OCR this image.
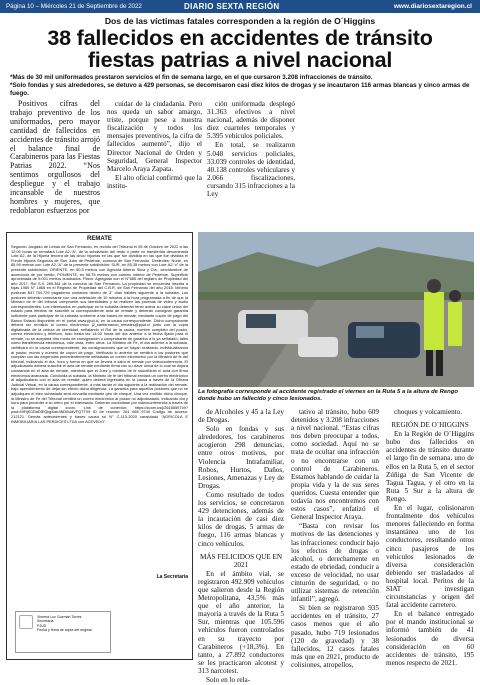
Página 10 – Miércoles 21 de Septiembre de 2022	DIARIO SEXTA REGIÓN	www.diariosextaregion.cl
Dos de las víctimas fatales corresponden a la región de O´Higgins
38 fallecidos en accidentes de tránsito
fiestas patrias a nivel nacional
*Más de 30 mil uniformados prestaron servicios el fin de semana largo, en el que cursaron 3.208 infracciones de tránsito.
*Solo fondas y sus alrededores, se detuvo a 429 personas, se decomisaron casi diez kilos de drogas y se incautaron 116 armas blancas y cinco armas de fuego.

Positivos cifras del trabajo preventivo de los uniformados, pero mayor cantidad de fallecidos en accidentes de tránsito arrojó el balance final de Carabineros para las Fiestas Patrias 2022. “Nos sentimos orgullosos del despliegue y el trabajo incansable de nuestros hombres y mujeres, que redoblaron esfuerzos por

cuidar de la ciudadanía. Pero nos queda un sabor amargo, triste, porque pese a nuestra fiscalización y todos los mensajes preventivos, la cifra de fallecidos aumentó”, dijo el Director Nacional de Orden y Seguridad, General Inspector Marcelo Araya Zapata.

El alto oficial confirmó que la institu-

ción uniformada desplegó 31.363 efectivos a nivel nacional, además de disponer diez cuarteles temporales y 5.395 vehículos policiales.

En total, se realizaron 5.048 servicios policiales, 33.039 controles de identidad, 40.138 controles vehiculares y 2.066 fiscalizaciones, cursando 315 infracciones a la Ley

REMATE
Segundo Juzgado de Letras de San Fernando, en recinto del Tribunal el 05 de Octubre de 2022 a las 12:00 horas se rematará Lote A2-“A”, de la subdivisión del resto o parte no transferida denominada Lote A2, de la Hijuela tercera de las cinco hijuelas en las que fue dividida en las que fue dividida el Fundo Hijuela Segunda de San Juan de Pedehue, comuna de San Fernando. Deslindes: Norte, en 85,99 metros con Lote A2-“A” de la presente subdivisión; SUR, en 85,35 metros con Lote A2-“c” de la presente subdivisión; ORIENTE, en 60,5 metros con Agrícola Alberto Silva y Cía., servidumbre de acueducto de por medio; PONIENTE, en 56,75 metros con camino interior de Pedehue. Superficie aproximada de 5.001 metros cuadrados. Plano: Agregado con el N°885 del registro de Propiedad del año 2017. Rol S.II. 289-361 de la comuna de San Fernando. La propiedad se encuentra inscrita a fojas 1985 N° 1865 en el Registro de Propiedad del C.B.R. de San Fernando del año 2018. Mínimo posturas $47.754.729 pagaderos contados dentro de 3° días hábiles siguiente a la subasta. Los postores deberán conectarse con una antelación de 10 minutos a la hora programada a fin de que la Ministro de fe del tribunal compruebe sus identidades y se realicen las pruebas de video y audio correspondientes. Los interesados en participar en la subasta deberán tener activa su clave única del estado para efectos de suscribir la correspondiente acta de remate y deberán consignar garantía suficiente para participar de la subasta conforme a las bases de remate, mediante cupón de pago del Banco Estado disponible en el portal www.pjud.cl, en la causa correspondiente. Dicho comprobante deberá ser remitido al correo electrónico j2_sanfernando_remates@pjud.cl junto con la copia digitalizada de la cédula de identidad, señalando el Rol de la causa, nombre completo del postor, correo electrónico y teléfono, todo hasta las 14:00 horas del día anterior a la fecha fijada para el remate, no se aceptará otro modo de consignación o comprobante de garantía a lo ya señalado, tales como transferencia electrónica, vale vista, entre otros. La Ministro de Fe, el día anterior a la subasta, certificará en la causa correspondiente, las consignaciones que se hayan realizado, individualizando al postor, monto y número de cupón de pago. Verificado lo anterior se remitirá a los postores que cumplan con las exigencias precedentemente señaladas un correo electrónico por la Ministro de fe del tribunal, indicando el día, hora y forma en que se llevará a cabo el remate por videoconferencia. El adjudicatario deberá suscribir el acta de remate mediante firma con su clave única de lo cual se dejará constancia en el acta de remate, mientras que el Juez y ministro de fe suscribirán el acta con firma electrónica avanzada. Concluida la subasta, la Ministro de fe del tribunal enviará un correo electrónico al adjudicatario con el acta de remate, quien deberá ingresarla en la causa a través de la Oficina Judicial Virtual, en la causa correspondiente, a más tardar el día siguiente a la realización del remate, bajo apercibimiento de dejar sin efecto dicha diligencia. La garantía para aquellos postores que no se adjudiquen el bien subastado será devuelta mediante giro de cheque. Una vez emitido dicho cheque, la Ministro de Fe del Tribunal remitirá un correo electrónico al postor no adjudicatario, indicando día y hora para proceder a su retiro por el interesado. Deberán conectarse por videoconferencia a través de la plataforma digital zoom, Link de conexión: https://zoom.us/j/2616659749? pwd=MFljK0ZlaDlEQkg4alc3NDB4dVFQTT09 ID de reunión: 261 665 9749 Código de acceso: 212121. Demás antecedentes y bases causa rol N° C-113-2020 caratulado “AGRICOLA E INMOBILIARIA LAS PERDICES LTDA con ACEVEDO”.
La Secretaria
Ximena Luz Guzmán Torres
Secretaria
PJUD
Fecha y firma de copia del original
La fotografía corresponde al accidente registrado el viernes en la Ruta 5 a la altura de Rengo donde hubo un fallecido y cinco lesionados.

de Alcoholes y 45 a la Ley de Drogas.

Solo en fondas y sus alrededores, los carabineros acogieron 298 denuncias, entre otros motivos, por Violencia Intrafamiliar, Robos, Hurtos, Daños, Lesiones, Amenazas y Ley de Drogas.

Como resultado de todos los servicios, se concretaron 429 detenciones, además de la incautación de casi diez kilos de drogas, 5 armas de fuego, 116 armas blancas y cinco vehículos.

MÁS FELICIDOS QUE EN 2021

En el ámbito vial, se registraron 492.909 vehículos que salieron desde la Región Metropolitana, 43,5% más que el año anterior, la mayoría a través de la Ruta 5 Sur, mientras que 105.596 vehículos fueron controlados en su trayecto por Carabineros (+18,3%). En tanto, a 27.892 conductores se les practicaron alcotest y 313 narcotest.

Solo en lo rela-

tativo al tránsito, hubo 609 detenidos y 3.208 infracciones a nivel nacional. “Estas cifras nos deben preocupar a todos, como sociedad. Aquí no se trata de ocultar una infracción o no encontrarse con un control de Carabineros. Estamos hablando de cuidar la propia vida y la de sus seres queridos. Cuesta entender que todavía nos encontremos con estos casos”, enfatizó el General Inspector Araya.

“Basta con revisar los motivos de las detenciones y las infracciones: conducir bajo los efectos de drogas o alcohol, o derechamente en estado de ebriedad, conducir a exceso de velocidad, no usar cinturón de seguridad, o no utilizar sistemas de retención infantil”, agregó.

Si bien se registraron 935 accidentes en el tránsito, 27 casos menos que el año pasado, hubo 719 lesionados (120 de gravedad) y 38 fallecidos, 12 casos fatales más que en 2021, producto de colisiones, atropellos,

choques y volcamiento.

REGIÓN DE O´HIGGINS

En la Región de O´Higgins hubo dos fallecidos en accidentes de tránsito durante el largo fin de semana, uno de ellos en la Ruta 5, en el sector Zúñiga de San Vicente de Tagua Tagua, y el otro en la Ruta 5 Sur a la altura de Rengo.

En el lugar, colisionaron frontalmente dos vehículos menores falleciendo en forma instantánea uno de los conductores, resultando otros cinco pasajeros de los vehículos lesionados de diversa consideración debiendo ser trasladados al hospital local. Peritos de la SIAT investigan circunstancias y origen del fatal accidente carretero.

En el balance entregado por el mando institucional se informó también de 41 lesionados de diversa consideración en 60 accidentes de tránsito, 195 menos respecto de 2021.
